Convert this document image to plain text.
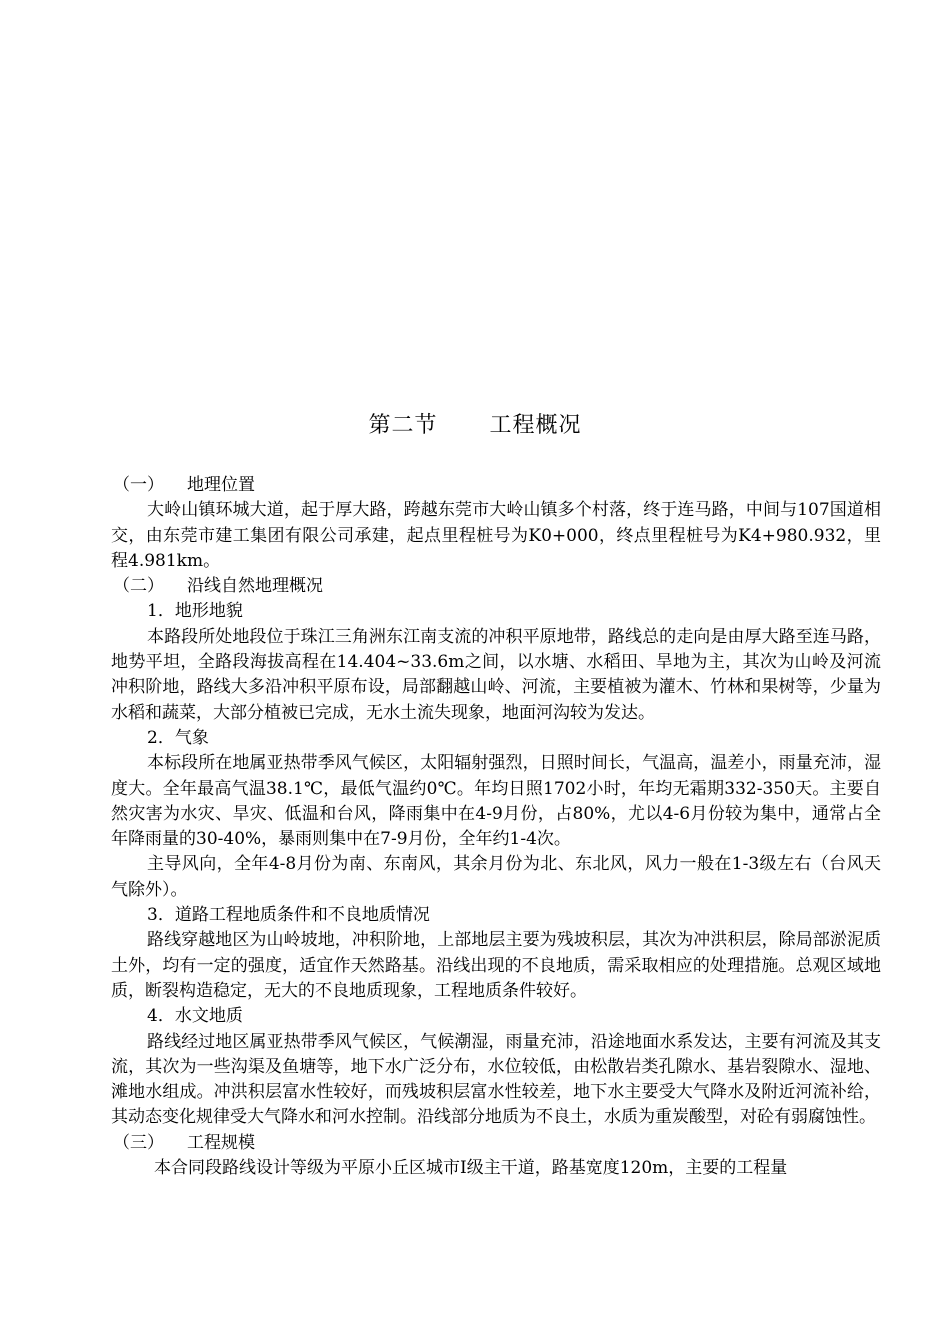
第二节 工程概况

（一） 地理位置

大岭山镇环城大道，起于厚大路，跨越东莞市大岭山镇多个村落，终于连马路，中间与107国道相交，由东莞市建工集团有限公司承建，起点里程桩号为K0+000，终点里程桩号为K4+980.932，里程4.981km。

（二） 沿线自然地理概况

1．地形地貌

本路段所处地段位于珠江三角洲东江南支流的冲积平原地带，路线总的走向是由厚大路至连马路，地势平坦，全路段海拔高程在14.404~33.6m之间，以水塘、水稻田、旱地为主，其次为山岭及河流冲积阶地，路线大多沿冲积平原布设，局部翻越山岭、河流，主要植被为灌木、竹林和果树等，少量为水稻和蔬菜，大部分植被已完成，无水土流失现象，地面河沟较为发达。

2．气象

本标段所在地属亚热带季风气候区，太阳辐射强烈，日照时间长，气温高，温差小，雨量充沛，湿度大。全年最高气温38.1℃，最低气温约0℃。年均日照1702小时，年均无霜期332-350天。主要自然灾害为水灾、旱灾、低温和台风，降雨集中在4-9月份，占80%，尤以4-6月份较为集中，通常占全年降雨量的30-40%，暴雨则集中在7-9月份，全年约1-4次。

主导风向，全年4-8月份为南、东南风，其余月份为北、东北风，风力一般在1-3级左右（台风天气除外）。

3．道路工程地质条件和不良地质情况

路线穿越地区为山岭坡地，冲积阶地，上部地层主要为残坡积层，其次为冲洪积层，除局部淤泥质土外，均有一定的强度，适宜作天然路基。沿线出现的不良地质，需采取相应的处理措施。总观区域地质，断裂构造稳定，无大的不良地质现象，工程地质条件较好。

4．水文地质

路线经过地区属亚热带季风气候区，气候潮湿，雨量充沛，沿途地面水系发达，主要有河流及其支流，其次为一些沟渠及鱼塘等，地下水广泛分布，水位较低，由松散岩类孔隙水、基岩裂隙水、湿地、滩地水组成。冲洪积层富水性较好，而残坡积层富水性较差，地下水主要受大气降水及附近河流补给，其动态变化规律受大气降水和河水控制。沿线部分地质为不良土，水质为重炭酸型，对砼有弱腐蚀性。

（三） 工程规模

本合同段路线设计等级为平原小丘区城市Ⅰ级主干道，路基宽度120m，主要的工程量
